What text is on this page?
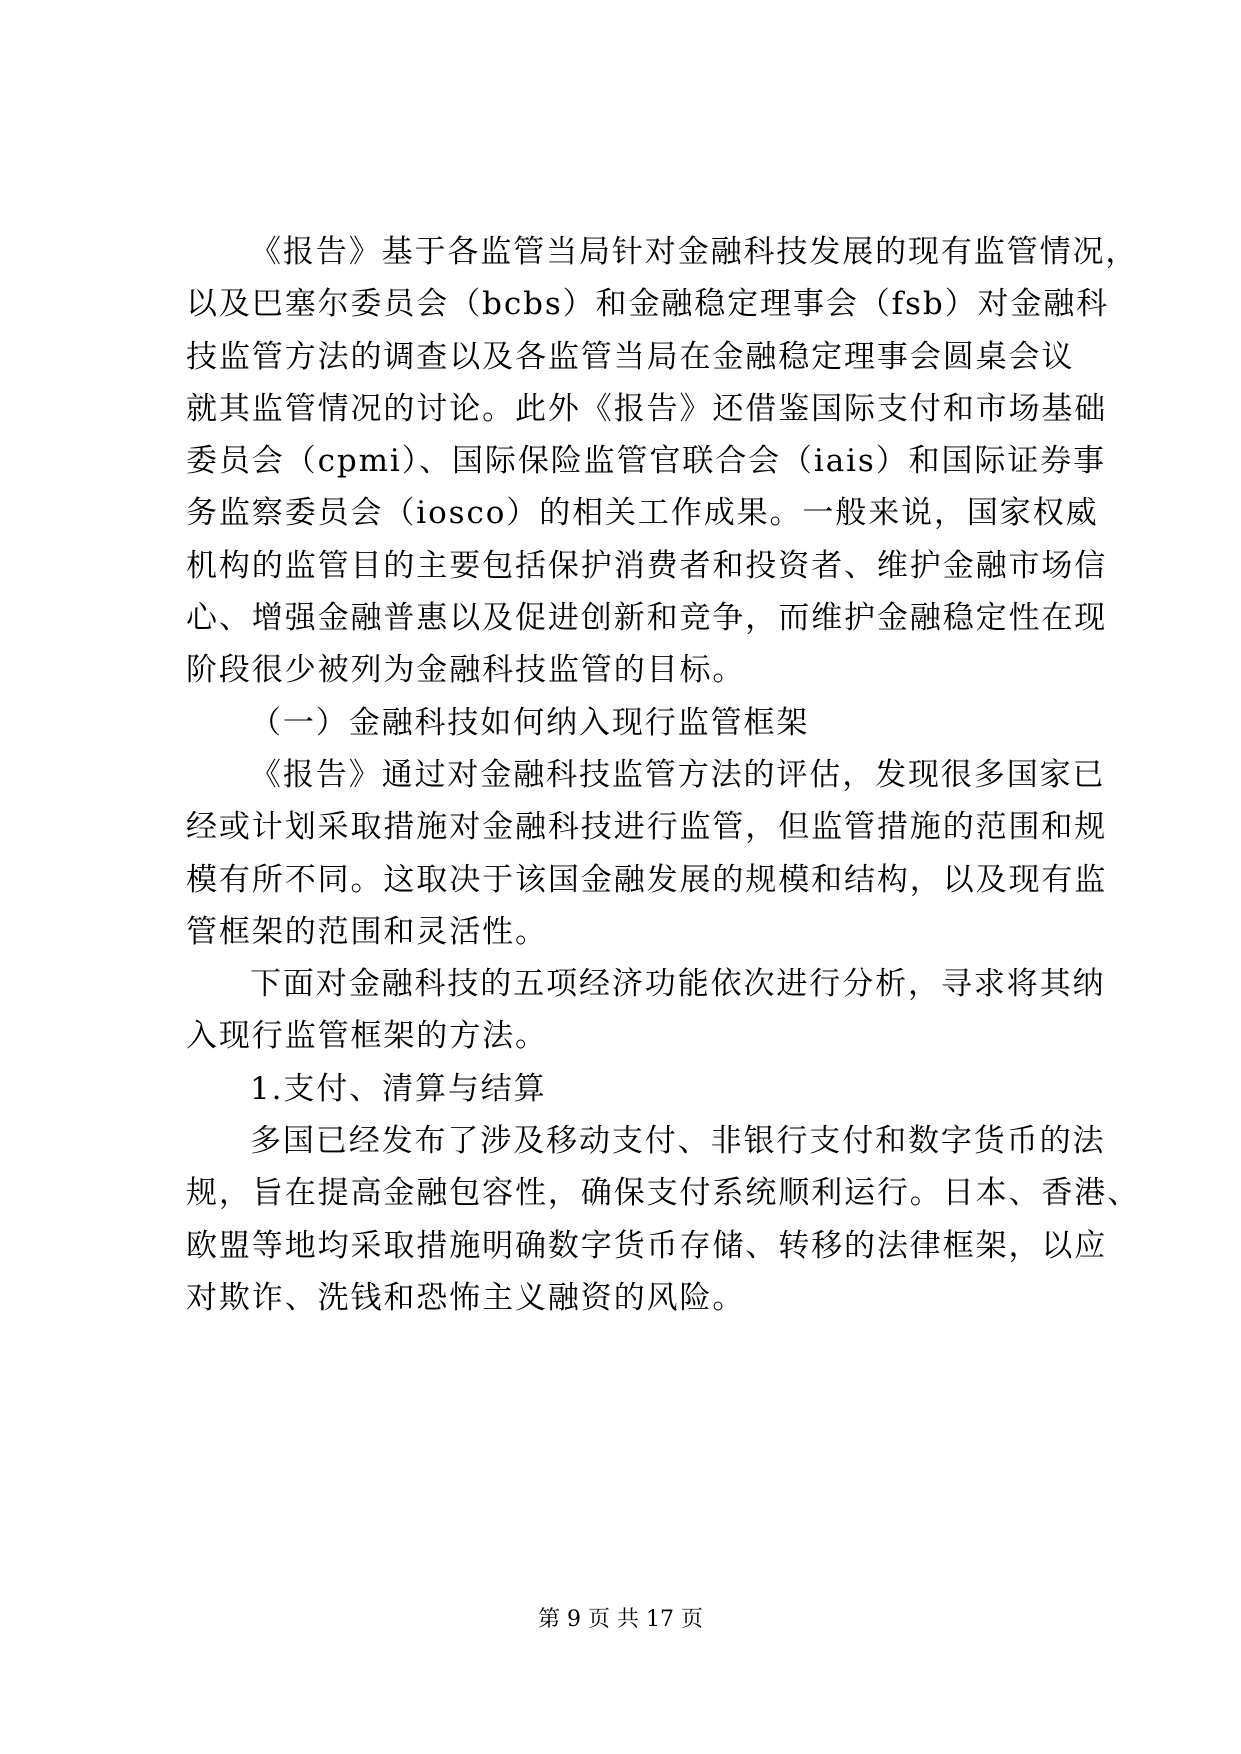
《报告》基于各监管当局针对金融科技发展的现有监管情况，
以及巴塞尔委员会（bcbs）和金融稳定理事会（fsb）对金融科
技监管方法的调查以及各监管当局在金融稳定理事会圆桌会议
就其监管情况的讨论。此外《报告》还借鉴国际支付和市场基础
委员会（cpmi）、国际保险监管官联合会（iais）和国际证券事
务监察委员会（iosco）的相关工作成果。一般来说，国家权威
机构的监管目的主要包括保护消费者和投资者、维护金融市场信
心、增强金融普惠以及促进创新和竞争，而维护金融稳定性在现
阶段很少被列为金融科技监管的目标。
（一）金融科技如何纳入现行监管框架
《报告》通过对金融科技监管方法的评估，发现很多国家已
经或计划采取措施对金融科技进行监管，但监管措施的范围和规
模有所不同。这取决于该国金融发展的规模和结构，以及现有监
管框架的范围和灵活性。
下面对金融科技的五项经济功能依次进行分析，寻求将其纳
入现行监管框架的方法。
1.支付、清算与结算
多国已经发布了涉及移动支付、非银行支付和数字货币的法
规，旨在提高金融包容性，确保支付系统顺利运行。日本、香港、
欧盟等地均采取措施明确数字货币存储、转移的法律框架，以应
对欺诈、洗钱和恐怖主义融资的风险。
第 9 页 共 17 页
